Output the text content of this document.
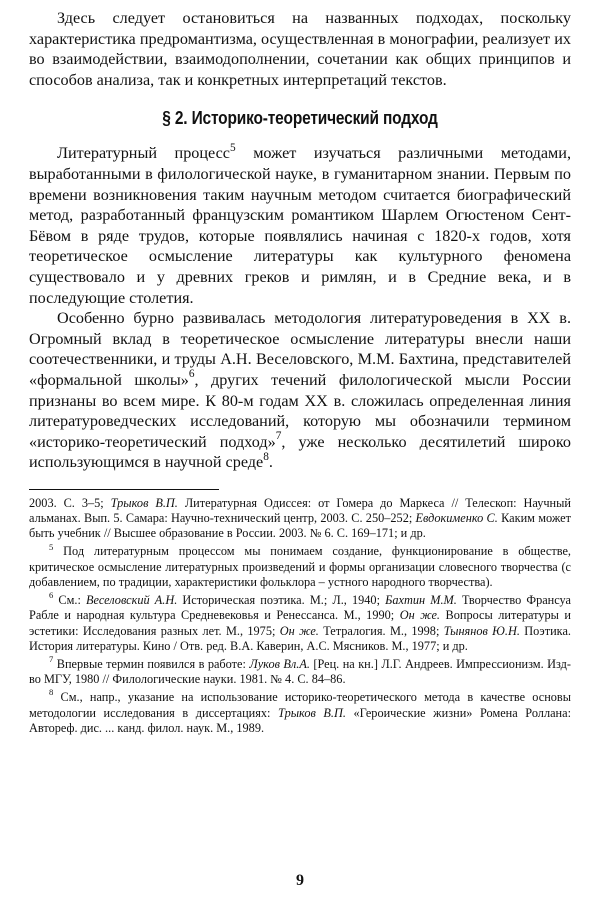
Здесь следует остановиться на названных подходах, поскольку характеристика предромантизма, осуществленная в монографии, реализует их во взаимодействии, взаимодополнении, сочетании как общих принципов и способов анализа, так и конкретных интерпретаций текстов.

§ 2. Историко-теоретический подход

Литературный процесс$^5$ может изучаться различными методами, выработанными в филологической науке, в гуманитарном знании. Первым по времени возникновения таким научным методом считается биографический метод, разработанный французским романтиком Шарлем Огюстеном Сент-Бёвом в ряде трудов, которые появлялись начиная с 1820-х годов, хотя теоретическое осмысление литературы как культурного феномена существовало и у древних греков и римлян, и в Средние века, и в последующие столетия.

Особенно бурно развивалась методология литературоведения в XX в. Огромный вклад в теоретическое осмысление литературы внесли наши соотечественники, и труды А.Н. Веселовского, М.М. Бахтина, представителей «формальной школы»$^6$, других течений филологической мысли России признаны во всем мире. К 80-м годам XX в. сложилась определенная линия литературоведческих исследований, которую мы обозначили термином «историко-теоретический подход»$^7$, уже несколько десятилетий широко использующимся в научной среде$^8$.

2003. С. 3–5; Трыков В.П. Литературная Одиссея: от Гомера до Маркеса // Телескоп: Научный альманах. Вып. 5. Самара: Научно-технический центр, 2003. С. 250–252; Евдокименко С. Каким может быть учебник // Высшее образование в России. 2003. № 6. С. 169–171; и др.

$^5$ Под литературным процессом мы понимаем создание, функционирование в обществе, критическое осмысление литературных произведений и формы организации словесного творчества (с добавлением, по традиции, характеристики фольклора – устного народного творчества).

$^6$ См.: Веселовский А.Н. Историческая поэтика. М.; Л., 1940; Бахтин М.М. Творчество Франсуа Рабле и народная культура Средневековья и Ренессанса. М., 1990; Он же. Вопросы литературы и эстетики: Исследования разных лет. М., 1975; Он же. Тетралогия. М., 1998; Тынянов Ю.Н. Поэтика. История литературы. Кино / Отв. ред. В.А. Каверин, А.С. Мясников. М., 1977; и др.

$^7$ Впервые термин появился в работе: Луков Вл.А. [Рец. на кн.] Л.Г. Андреев. Импрессионизм. Изд-во МГУ, 1980 // Филологические науки. 1981. № 4. С. 84–86.

$^8$ См., напр., указание на использование историко-теоретического метода в качестве основы методологии исследования в диссертациях: Трыков В.П. «Героические жизни» Ромена Роллана: Автореф. дис. ... канд. филол. наук. М., 1989.

9
